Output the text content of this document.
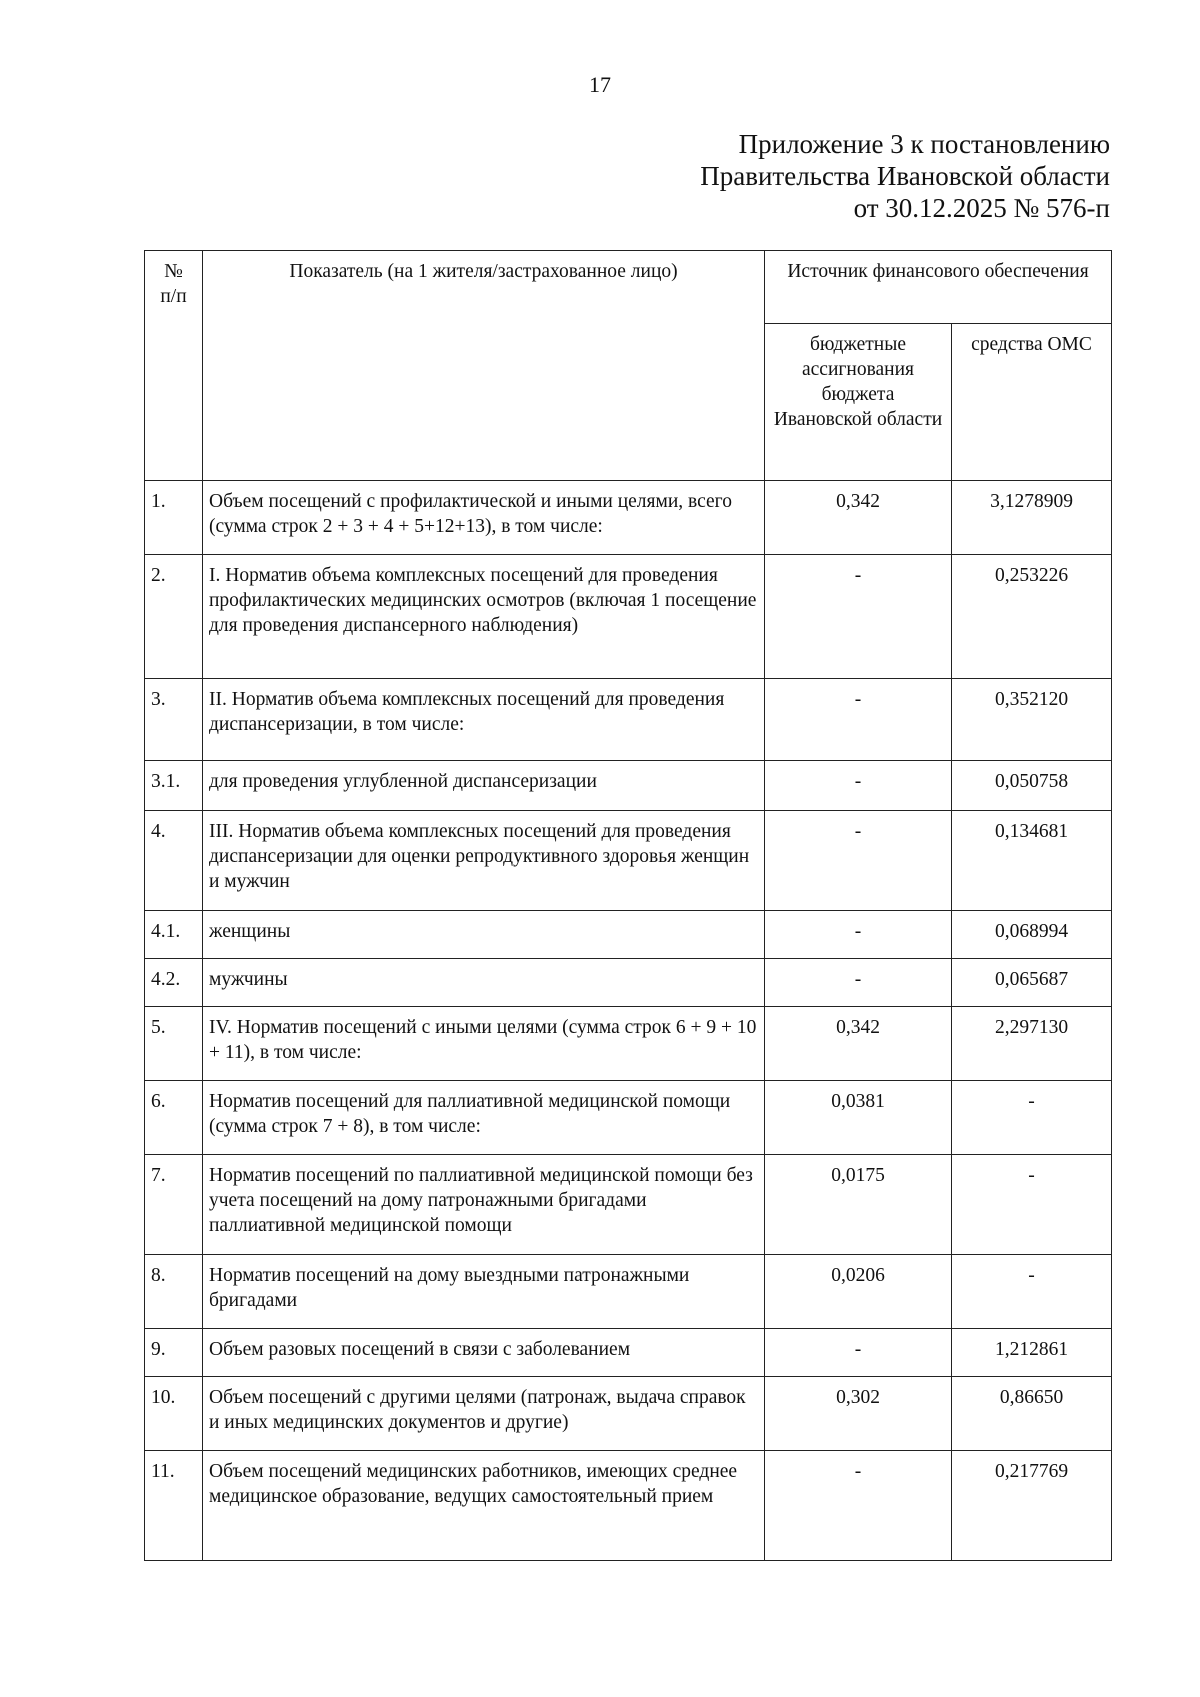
17
Приложение 3 к постановлению
Правительства Ивановской области
от 30.12.2025 № 576-п
№
п/п	Показатель (на 1 жителя/застрахованное лицо)	Источник финансового обеспечения	
		бюджетные ассигнования бюджета Ивановской области	средства ОМС
1.	Объем посещений с профилактической и иными целями, всего (сумма строк 2 + 3 + 4 + 5+12+13), в том числе:	0,342	3,1278909
2.	I. Норматив объема комплексных посещений для проведения профилактических медицинских осмотров (включая 1 посещение для проведения диспансерного наблюдения)	-	0,253226
3.	II. Норматив объема комплексных посещений для проведения диспансеризации, в том числе:	-	0,352120
3.1.	для проведения углубленной диспансеризации	-	0,050758
4.	III. Норматив объема комплексных посещений для проведения диспансеризации для оценки репродуктивного здоровья женщин и мужчин	-	0,134681
4.1.	женщины	-	0,068994
4.2.	мужчины	-	0,065687
5.	IV. Норматив посещений с иными целями (сумма строк 6 + 9 + 10 + 11), в том числе:	0,342	2,297130
6.	Норматив посещений для паллиативной медицинской помощи (сумма строк 7 + 8), в том числе:	0,0381	-
7.	Норматив посещений по паллиативной медицинской помощи без учета посещений на дому патронажными бригадами паллиативной медицинской помощи	0,0175	-
8.	Норматив посещений на дому выездными патронажными бригадами	0,0206	-
9.	Объем разовых посещений в связи с заболеванием	-	1,212861
10.	Объем посещений с другими целями (патронаж, выдача справок и иных медицинских документов и другие)	0,302	0,86650
11.	Объем посещений медицинских работников, имеющих среднее медицинское образование, ведущих самостоятельный прием	-	0,217769
